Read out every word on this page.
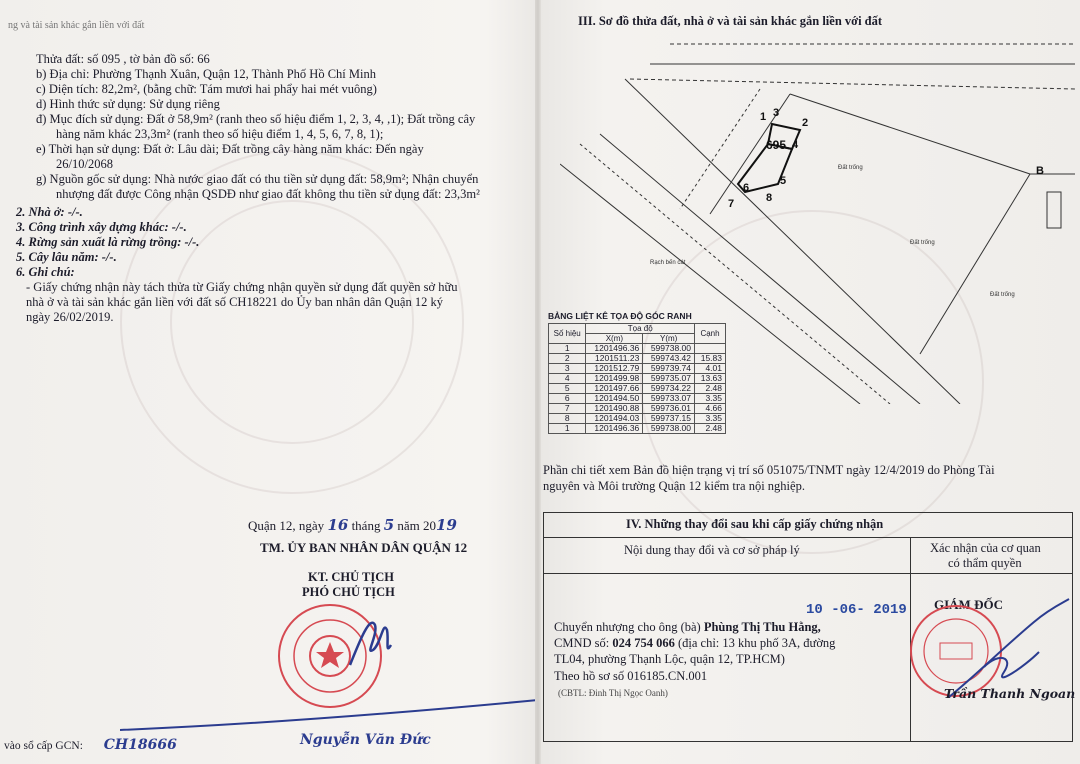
ng và tài sản khác gắn liền với đất
Thửa đất: số 095 , tờ bản đồ số: 66
b) Địa chỉ: Phường Thạnh Xuân, Quận 12, Thành Phố Hồ Chí Minh
c) Diện tích: 82,2m², (bằng chữ: Tám mươi hai phẩy hai mét vuông)
d) Hình thức sử dụng: Sử dụng riêng
đ) Mục đích sử dụng: Đất ở 58,9m² (ranh theo số hiệu điểm 1, 2, 3, 4, ,1); Đất trồng cây
hàng năm khác 23,3m² (ranh theo số hiệu điểm 1, 4, 5, 6, 7, 8, 1);
e) Thời hạn sử dụng: Đất ở: Lâu dài; Đất trồng cây hàng năm khác: Đến ngày
26/10/2068
g) Nguồn gốc sử dụng: Nhà nước giao đất có thu tiền sử dụng đất: 58,9m²; Nhận chuyển
nhượng đất được Công nhận QSDĐ như giao đất không thu tiền sử dụng đất: 23,3m²
2. Nhà ở: -/-.
3. Công trình xây dựng khác: -/-.
4. Rừng sản xuất là rừng trồng: -/-.
5. Cây lâu năm: -/-.
6. Ghi chú:
- Giấy chứng nhận này tách thửa từ Giấy chứng nhận quyền sử dụng đất quyền sở hữu
nhà ở và tài sản khác gắn liền với đất số CH18221 do Ủy ban nhân dân Quận 12 ký
ngày 26/02/2019.
Quận 12, ngày 16 tháng 5 năm 2019
TM. ỦY BAN NHÂN DÂN QUẬN 12
KT. CHỦ TỊCH
PHÓ CHỦ TỊCH
Nguyễn Văn Đức
vào sổ cấp GCN: CH18666
III. Sơ đồ thửa đất, nhà ở và tài sản khác gắn liền với đất
2
1 3
4
5
6
7	8
B
695
Đất trống
Đất trống
Đất trống
Rạch bến cát
BẢNG LIỆT KÊ TỌA ĐỘ GÓC RANH
Số hiệu	Tọa độ		Cạnh
	X(m)	Y(m)	
1	1201496.36	599738.00	
2	1201511.23	599743.42	15.83
3	1201512.79	599739.74	4.01
4	1201499.98	599735.07	13.63
5	1201497.66	599734.22	2.48
6	1201494.50	599733.07	3.35
7	1201490.88	599736.01	4.66
8	1201494.03	599737.15	3.35
1	1201496.36	599738.00	2.48
Phần chi tiết xem Bản đồ hiện trạng vị trí số 051075/TNMT ngày 12/4/2019 do Phòng Tài
nguyên và Môi trường Quận 12 kiểm tra nội nghiệp.
IV. Những thay đổi sau khi cấp giấy chứng nhận
Nội dung thay đổi và cơ sở pháp lý	Xác nhận của cơ quan
có thẩm quyền
10 -06- 2019
Chuyển nhượng cho ông (bà) Phùng Thị Thu Hằng,
CMND số: 024 754 066 (địa chỉ: 13 khu phố 3A, đường
TL04, phường Thạnh Lộc, quận 12, TP.HCM)
Theo hồ sơ số 016185.CN.001
(CBTL: Đinh Thị Ngọc Oanh)
GIÁM ĐỐC
Trần Thanh Ngoan
